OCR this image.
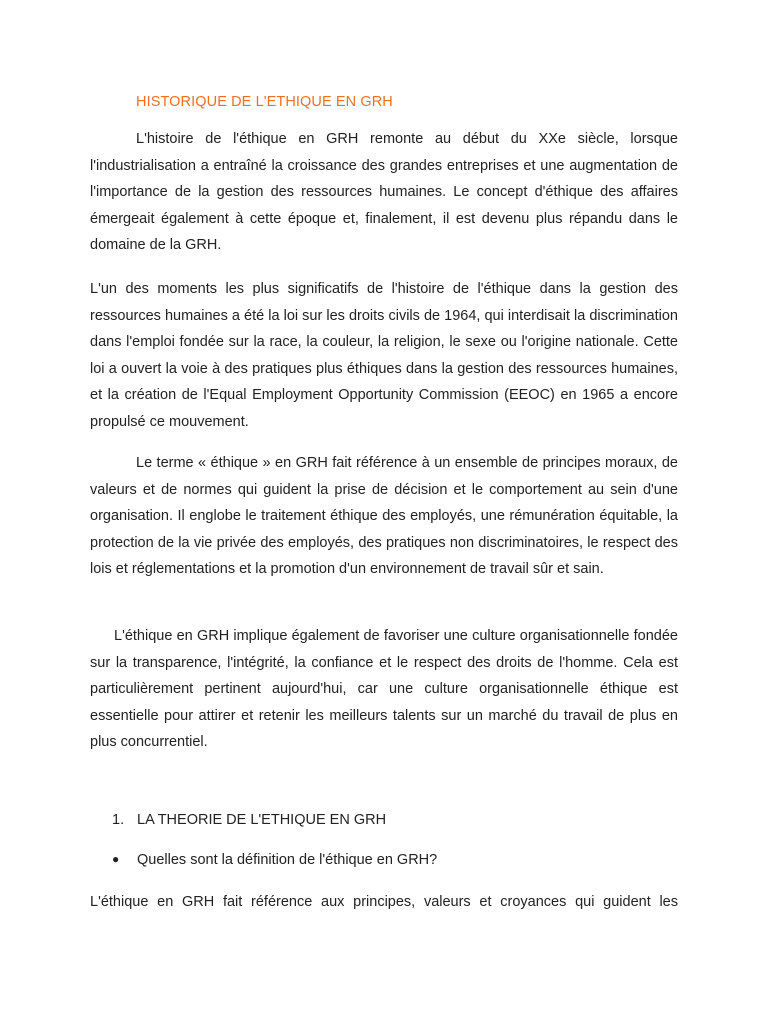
HISTORIQUE DE L'ETHIQUE EN GRH

L'histoire de l'éthique en GRH remonte au début du XXe siècle, lorsque l'industrialisation a entraîné la croissance des grandes entreprises et une augmentation de l'importance de la gestion des ressources humaines. Le concept d'éthique des affaires émergeait également à cette époque et, finalement, il est devenu plus répandu dans le domaine de la GRH.

L'un des moments les plus significatifs de l'histoire de l'éthique dans la gestion des ressources humaines a été la loi sur les droits civils de 1964, qui interdisait la discrimination dans l'emploi fondée sur la race, la couleur, la religion, le sexe ou l'origine nationale. Cette loi a ouvert la voie à des pratiques plus éthiques dans la gestion des ressources humaines, et la création de l'Equal Employment Opportunity Commission (EEOC) en 1965 a encore propulsé ce mouvement.

Le terme « éthique » en GRH fait référence à un ensemble de principes moraux, de valeurs et de normes qui guident la prise de décision et le comportement au sein d'une organisation. Il englobe le traitement éthique des employés, une rémunération équitable, la protection de la vie privée des employés, des pratiques non discriminatoires, le respect des lois et réglementations et la promotion d'un environnement de travail sûr et sain.

L'éthique en GRH implique également de favoriser une culture organisationnelle fondée sur la transparence, l'intégrité, la confiance et le respect des droits de l'homme. Cela est particulièrement pertinent aujourd'hui, car une culture organisationnelle éthique est essentielle pour attirer et retenir les meilleurs talents sur un marché du travail de plus en plus concurrentiel.

1. LA THEORIE DE L'ETHIQUE EN GRH
● Quelles sont la définition de l'éthique en GRH?

L'éthique en GRH fait référence aux principes, valeurs et croyances qui guident les
